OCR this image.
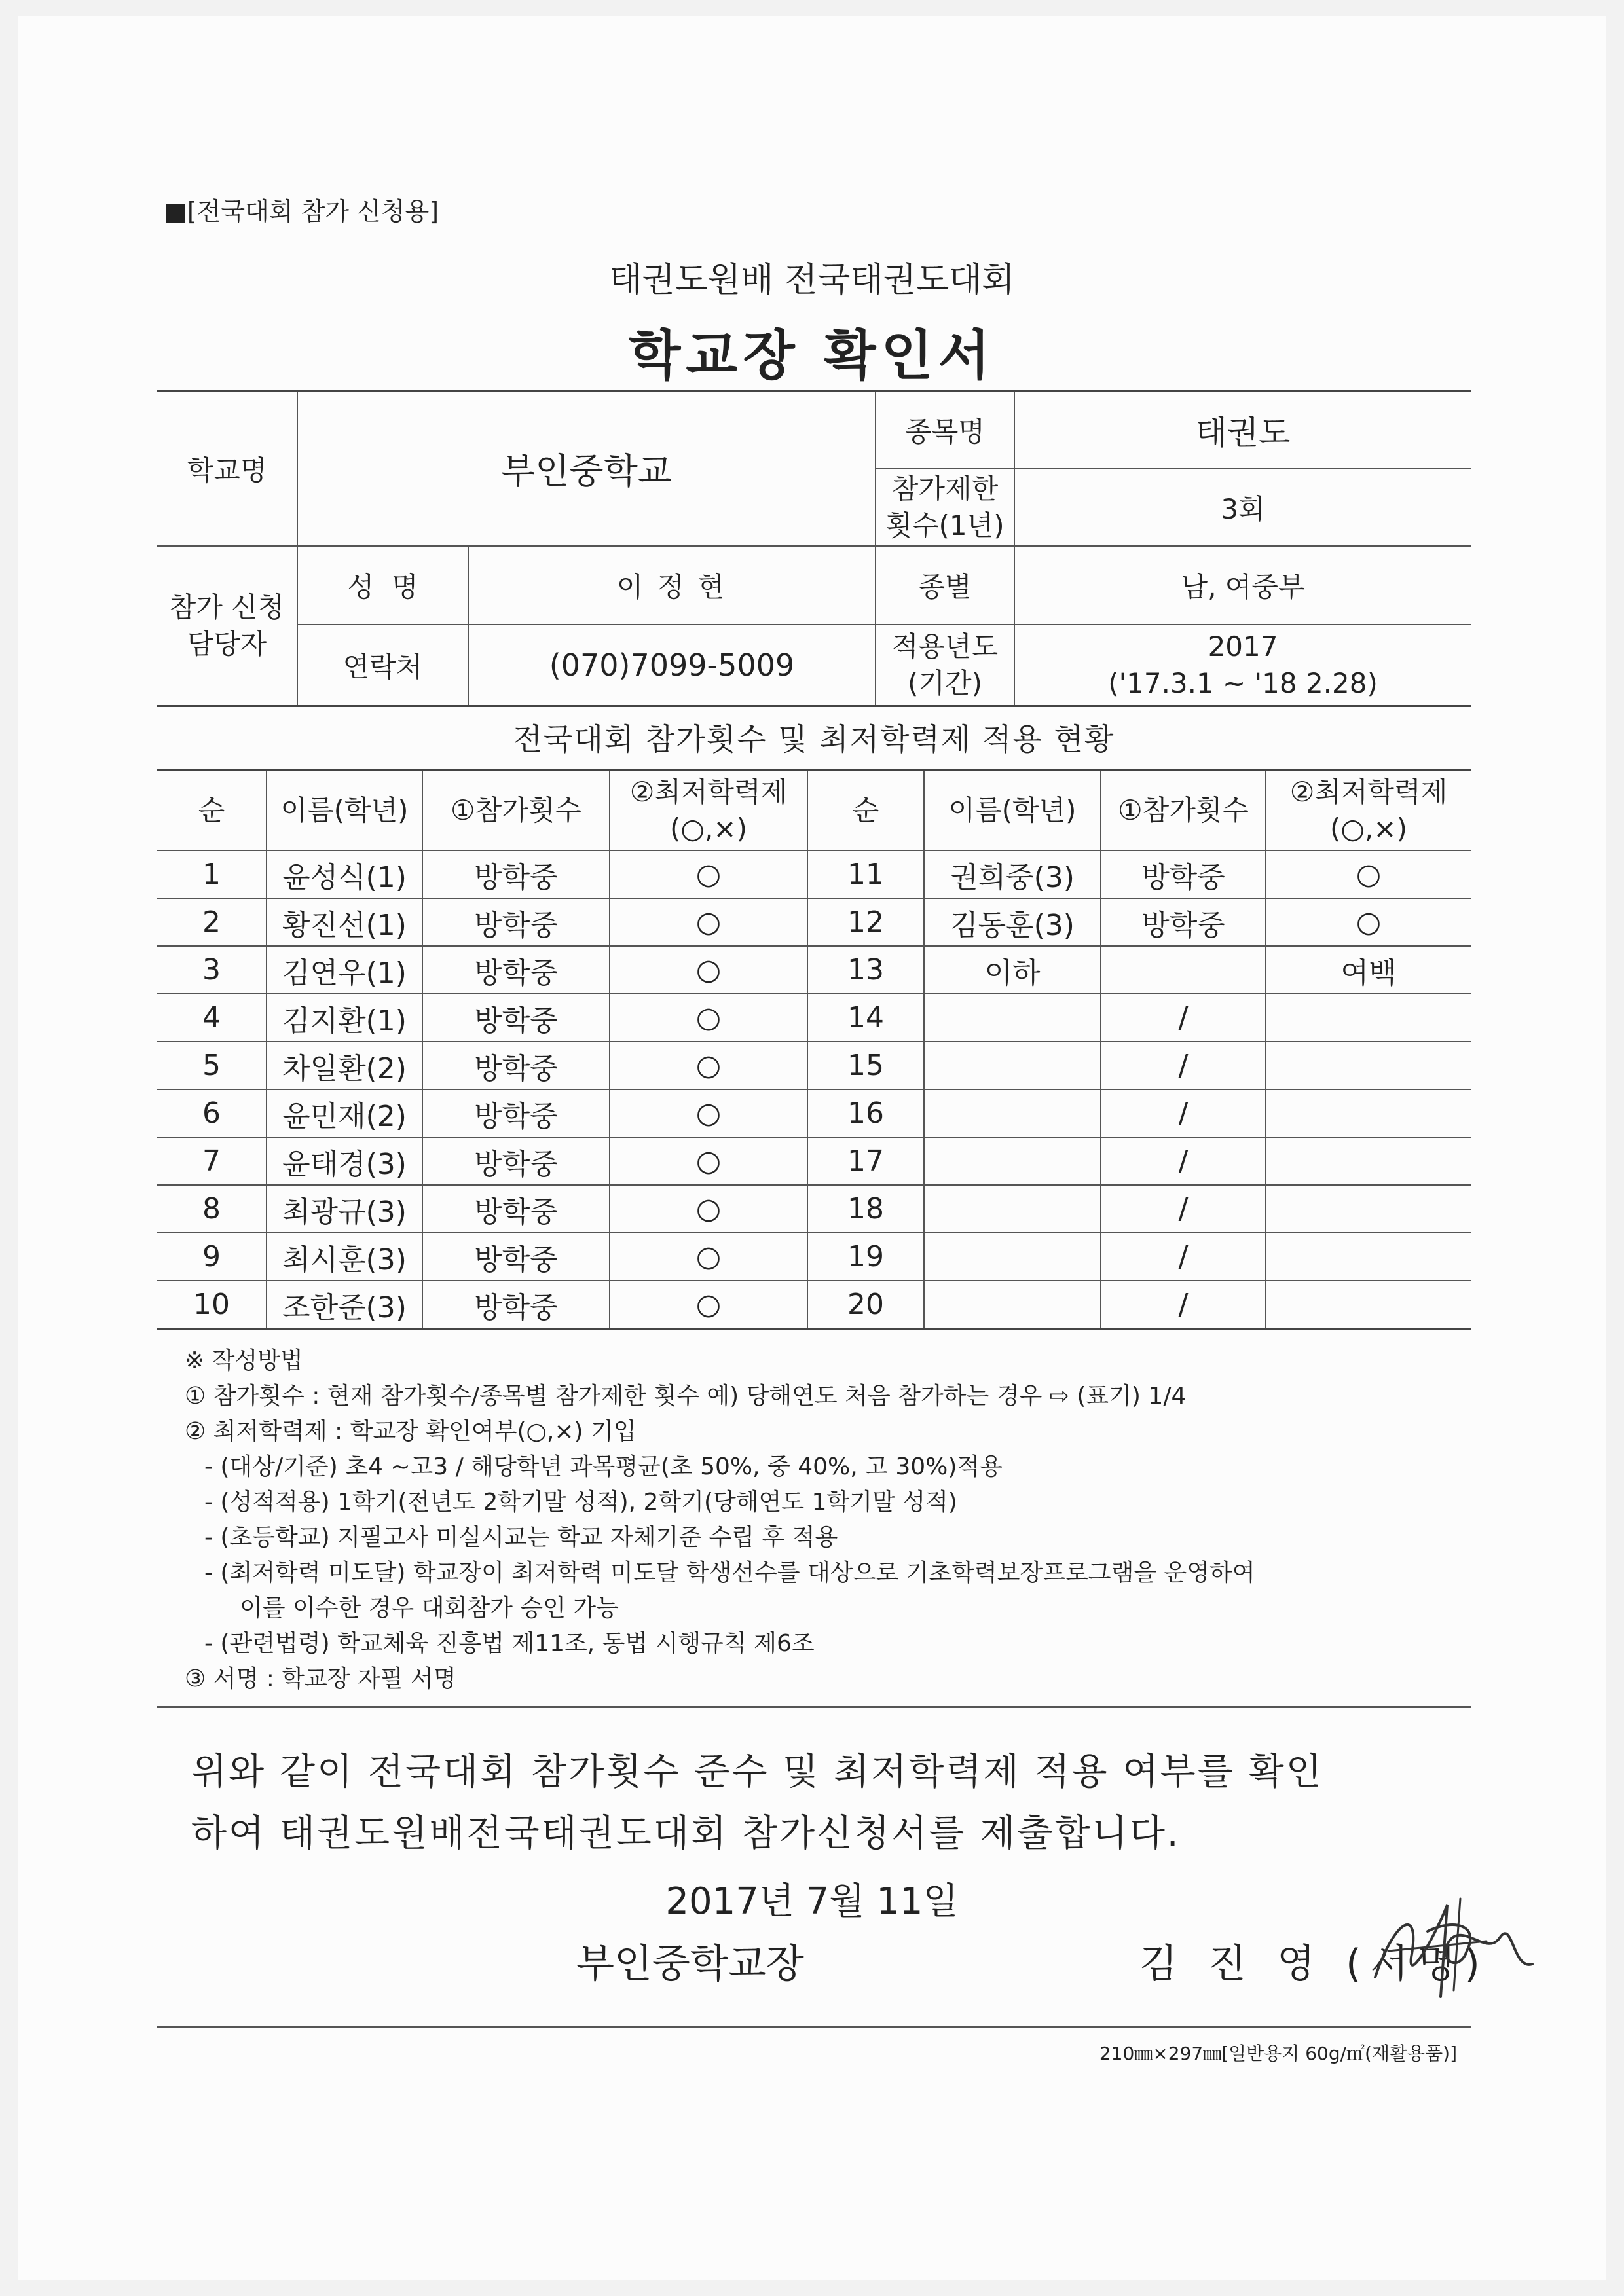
■[전국대회 참가 신청용]
태권도원배 전국태권도대회
학교장 확인서
학교명	부인중학교		종목명	태권도
			참가제한 횟수(1년)	3회
참가 신청 담당자	성  명	이 정 현	종별	남, 여중부
	연락처	(070)7099-5009	적용년도 (기간)	2017
('17.3.1 ~ '18 2.28)
전국대회 참가횟수 및 최저학력제 적용 현황
순	이름(학년)	①참가횟수	②최저학력제 (○,×)	순	이름(학년)	①참가횟수	②최저학력제 (○,×)
1	윤성식(1)	방학중	○	11	권희중(3)	방학중	○
2	황진선(1)	방학중	○	12	김동훈(3)	방학중	○
3	김연우(1)	방학중	○	13	이하		여백
4	김지환(1)	방학중	○	14		/	
5	차일환(2)	방학중	○	15		/	
6	윤민재(2)	방학중	○	16		/	
7	윤태경(3)	방학중	○	17		/	
8	최광규(3)	방학중	○	18		/	
9	최시훈(3)	방학중	○	19		/	
10	조한준(3)	방학중	○	20		/	
※ 작성방법
① 참가횟수 : 현재 참가횟수/종목별 참가제한 횟수 예) 당해연도 처음 참가하는 경우 ⇨ (표기) 1/4
② 최저학력제 : 학교장 확인여부(○,×) 기입
- (대상/기준) 초4 ~고3 / 해당학년 과목평균(초 50%, 중 40%, 고 30%)적용
- (성적적용) 1학기(전년도 2학기말 성적), 2학기(당해연도 1학기말 성적)
- (초등학교) 지필고사 미실시교는 학교 자체기준 수립 후 적용
- (최저학력 미도달) 학교장이 최저학력 미도달 학생선수를 대상으로 기초학력보장프로그램을 운영하여
이를 이수한 경우 대회참가 승인 가능
- (관련법령) 학교체육 진흥법 제11조, 동법 시행규칙 제6조
③ 서명 : 학교장 자필 서명
위와 같이 전국대회 참가횟수 준수 및 최저학력제 적용 여부를 확인
하여 태권도원배전국태권도대회 참가신청서를 제출합니다.
2017년 7월 11일
부인중학교장	김 진 영 (서명)
210㎜×297㎜[일반용지 60g/㎡(재활용품)]
